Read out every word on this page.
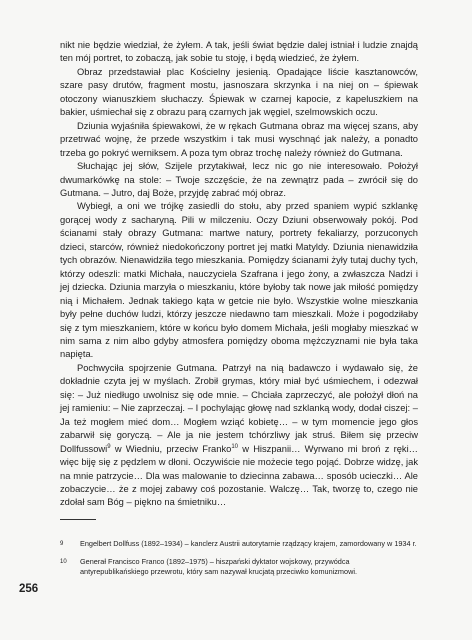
nikt nie będzie wiedział, że żyłem. A tak, jeśli świat będzie dalej istniał i ludzie znajdą ten mój portret, to zobaczą, jak sobie tu stoję, i będą wiedzieć, że żyłem.

Obraz przedstawiał plac Kościelny jesienią. Opadające liście kasztanowców, szare pasy drutów, fragment mostu, jasnoszara skrzynka i na niej on – śpiewak otoczony wianuszkiem słuchaczy. Śpiewak w czarnej kapocie, z kapeluszkiem na bakier, uśmiechał się z obrazu parą czarnych jak węgiel, szelmowskich oczu.

Dziunia wyjaśniła śpiewakowi, że w rękach Gutmana obraz ma więcej szans, aby przetrwać wojnę, że przede wszystkim i tak musi wyschnąć jak należy, a ponadto trzeba go pokryć werniksem. A poza tym obraz trochę należy również do Gutmana.

Słuchając jej słów, Szijele przytakiwał, lecz nic go nie interesowało. Położył dwumarkówkę na stole: – Twoje szczęście, że na zewnątrz pada – zwrócił się do Gutmana. – Jutro, daj Boże, przyjdę zabrać mój obraz.

Wybiegł, a oni we trójkę zasiedli do stołu, aby przed spaniem wypić szklankę gorącej wody z sacharyną. Pili w milczeniu. Oczy Dziuni obserwowały pokój. Pod ścianami stały obrazy Gutmana: martwe natury, portrety fekaliarzy, porzuconych dzieci, starców, również niedokończony portret jej matki Matyldy. Dziunia nienawidziła tych obrazów. Nienawidziła tego mieszkania. Pomiędzy ścianami żyły tutaj duchy tych, którzy odeszli: matki Michała, nauczyciela Szafrana i jego żony, a zwłaszcza Nadzi i jej dziecka. Dziunia marzyła o mieszkaniu, które byłoby tak nowe jak miłość pomiędzy nią i Michałem. Jednak takiego kąta w getcie nie było. Wszystkie wolne mieszkania były pełne duchów ludzi, którzy jeszcze niedawno tam mieszkali. Może i pogodziłaby się z tym mieszkaniem, które w końcu było domem Michała, jeśli mogłaby mieszkać w nim sama z nim albo gdyby atmosfera pomiędzy oboma mężczyznami nie była taka napięta.

Pochwyciła spojrzenie Gutmana. Patrzył na nią badawczo i wydawało się, że dokładnie czyta jej w myślach. Zrobił grymas, który miał być uśmiechem, i odezwał się: – Już niedługo uwolnisz się ode mnie. – Chciała zaprzeczyć, ale położył dłoń na jej ramieniu: – Nie zaprzeczaj. – I pochylając głowę nad szklanką wody, dodał ciszej: – Ja też mogłem mieć dom… Mogłem wziąć kobietę… – w tym momencie jego głos zabarwił się goryczą. – Ale ja nie jestem tchórzliwy jak struś. Biłem się przeciw Dollfussowi$^9$ w Wiedniu, przeciw Franko$^{10}$ w Hiszpanii… Wyrwano mi broń z ręki… więc biję się z pędzlem w dłoni. Oczywiście nie możecie tego pojąć. Dobrze widzę, jak na mnie patrzycie… Dla was malowanie to dziecinna zabawa… sposób ucieczki… Ale zobaczycie… że z mojej zabawy coś pozostanie. Walczę… Tak, tworzę to, czego nie zdołał sam Bóg – piękno na śmietniku…

9	Engelbert Dollfuss (1892–1934) – kanclerz Austrii autorytarnie rządzący krajem, zamordowany w 1934 r.
10	Generał Francisco Franco (1892–1975) – hiszpański dyktator wojskowy, przywódca antyrepublikańskiego przewrotu, który sam nazywał krucjatą przeciwko komunizmowi.
256
